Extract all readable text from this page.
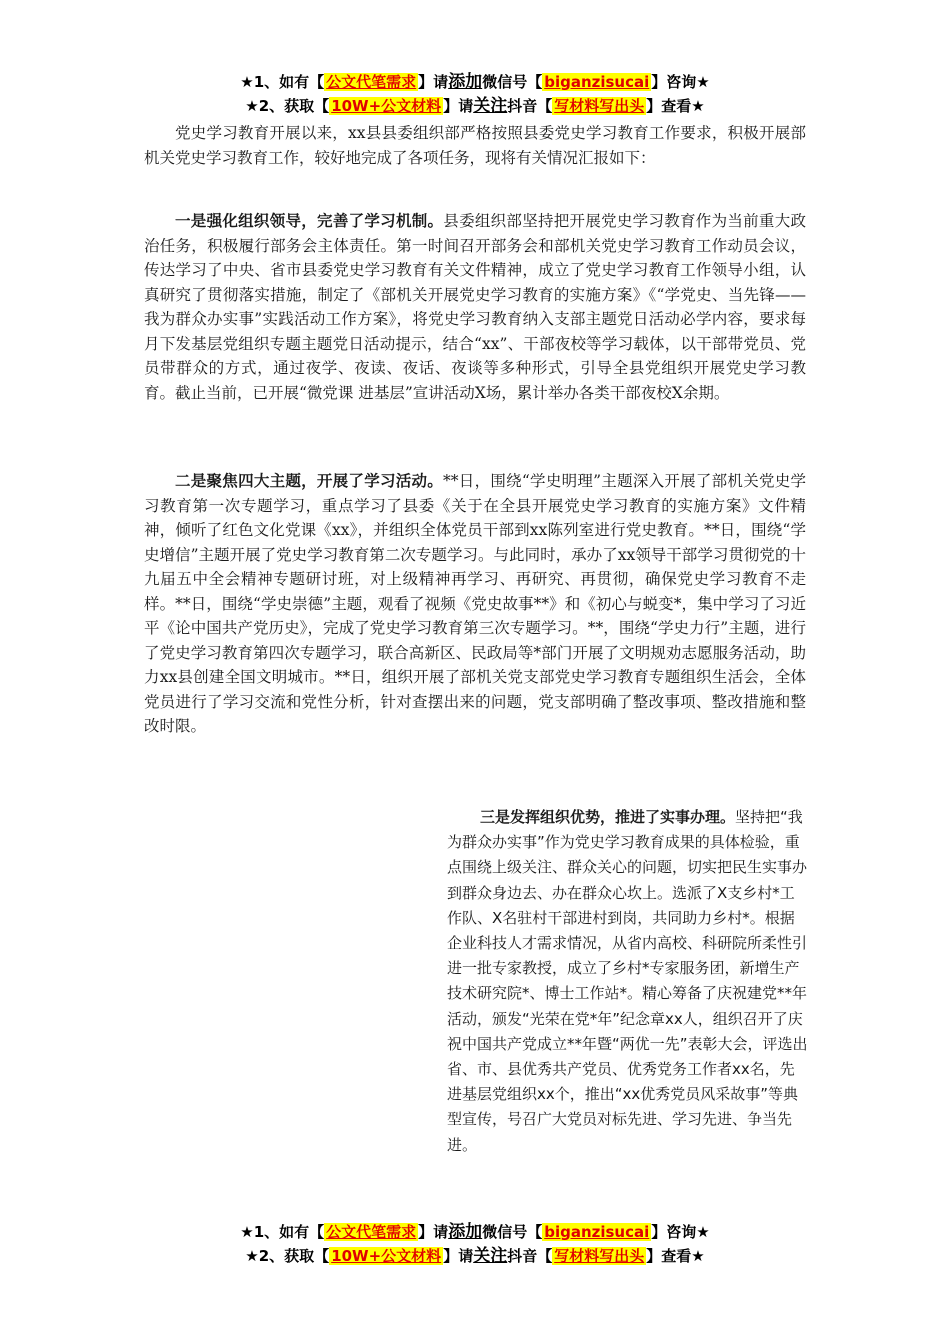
★1、如有【 公文代笔需求 】请添加微信号【 biganzisucai 】咨询★
★2、获取【 10W+公文材料 】请关注抖音【 写材料写出头 】查看★

党史学习教育开展以来，xx县县委组织部严格按照县委党史学习教育工作要求，积极开展部机关党史学习教育工作，较好地完成了各项任务，现将有关情况汇报如下：

一是强化组织领导，完善了学习机制。县委组织部坚持把开展党史学习教育作为当前重大政治任务，积极履行部务会主体责任。第一时间召开部务会和部机关党史学习教育工作动员会议，传达学习了中央、省市县委党史学习教育有关文件精神，成立了党史学习教育工作领导小组，认真研究了贯彻落实措施，制定了《部机关开展党史学习教育的实施方案》《“学党史、当先锋——我为群众办实事”实践活动工作方案》，将党史学习教育纳入支部主题党日活动必学内容，要求每月下发基层党组织专题主题党日活动提示，结合“xx”、干部夜校等学习载体，以干部带党员、党员带群众的方式，通过夜学、夜读、夜话、夜谈等多种形式，引导全县党组织开展党史学习教育。截止当前，已开展“微党课 进基层”宣讲活动X场，累计举办各类干部夜校X余期。

二是聚焦四大主题，开展了学习活动。**日，围绕“学史明理”主题深入开展了部机关党史学习教育第一次专题学习，重点学习了县委《关于在全县开展党史学习教育的实施方案》文件精神，倾听了红色文化党课《xx》，并组织全体党员干部到xx陈列室进行党史教育。**日，围绕“学史增信”主题开展了党史学习教育第二次专题学习。与此同时，承办了xx领导干部学习贯彻党的十九届五中全会精神专题研讨班，对上级精神再学习、再研究、再贯彻，确保党史学习教育不走样。**日，围绕“学史崇德”主题，观看了视频《党史故事**》和《初心与蜕变*，集中学习了习近平《论中国共产党历史》，完成了党史学习教育第三次专题学习。**，围绕“学史力行”主题，进行了党史学习教育第四次专题学习，联合高新区、民政局等*部门开展了文明规劝志愿服务活动，助力xx县创建全国文明城市。**日，组织开展了部机关党支部党史学习教育专题组织生活会，全体党员进行了学习交流和党性分析，针对查摆出来的问题，党支部明确了整改事项、整改措施和整改时限。

三是发挥组织优势，推进了实事办理。坚持把“我为群众办实事”作为党史学习教育成果的具体检验，重点围绕上级关注、群众关心的问题，切实把民生实事办到群众身边去、办在群众心坎上。选派了X支乡村*工作队、X名驻村干部进村到岗，共同助力乡村*。根据企业科技人才需求情况，从省内高校、科研院所柔性引进一批专家教授，成立了乡村*专家服务团，新增生产技术研究院*、博士工作站*。精心筹备了庆祝建党**年活动，颁发“光荣在党*年”纪念章xx人，组织召开了庆祝中国共产党成立**年暨“两优一先”表彰大会，评选出省、市、县优秀共产党员、优秀党务工作者xx名，先进基层党组织xx个，推出“xx优秀党员风采故事”等典型宣传，号召广大党员对标先进、学习先进、争当先进。

★1、如有【 公文代笔需求 】请添加微信号【 biganzisucai 】咨询★
★2、获取【 10W+公文材料 】请关注抖音【 写材料写出头 】查看★
